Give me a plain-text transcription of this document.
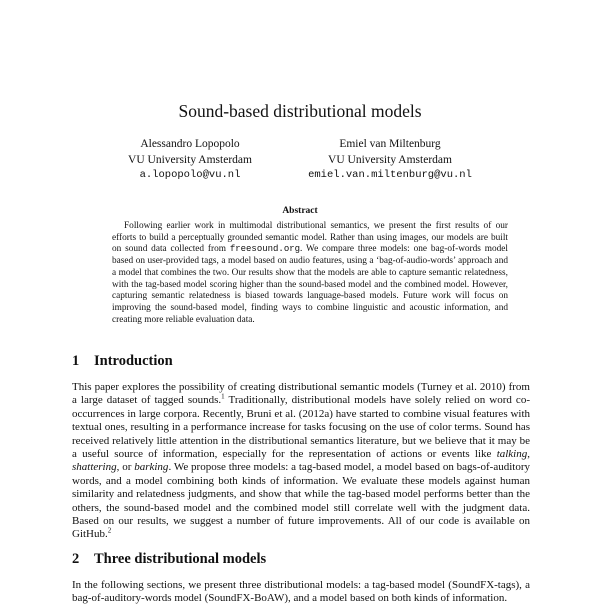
Sound-based distributional models
Alessandro Lopopolo
VU University Amsterdam
a.lopopolo@vu.nl
Emiel van Miltenburg
VU University Amsterdam
emiel.van.miltenburg@vu.nl
Abstract

Following earlier work in multimodal distributional semantics, we present the first results of our efforts to build a perceptually grounded semantic model. Rather than using images, our models are built on sound data collected from freesound.org. We compare three models: one bag-of-words model based on user-provided tags, a model based on audio features, using a ‘bag-of-audio-words’ approach and a model that combines the two. Our results show that the models are able to capture semantic relatedness, with the tag-based model scoring higher than the sound-based model and the combined model. However, capturing semantic relatedness is biased towards language-based models. Future work will focus on improving the sound-based model, finding ways to combine linguistic and acoustic information, and creating more reliable evaluation data.

1 Introduction

This paper explores the possibility of creating distributional semantic models (Turney et al. 2010) from a large dataset of tagged sounds.$^1$ Traditionally, distributional models have solely relied on word co-occurrences in large corpora. Recently, Bruni et al. (2012a) have started to combine visual features with textual ones, resulting in a performance increase for tasks focusing on the use of color terms. Sound has received relatively little attention in the distributional semantics literature, but we believe that it may be a useful source of information, especially for the representation of actions or events like talking, shattering, or barking. We propose three models: a tag-based model, a model based on bags-of-auditory words, and a model combining both kinds of information. We evaluate these models against human similarity and relatedness judgments, and show that while the tag-based model performs better than the others, the sound-based model and the combined model still correlate well with the judgment data. Based on our results, we suggest a number of future improvements. All of our code is available on GitHub.$^2$

2 Three distributional models

In the following sections, we present three distributional models: a tag-based model (SoundFX-tags), a bag-of-auditory-words model (SoundFX-BoAW), and a model based on both kinds of information.
